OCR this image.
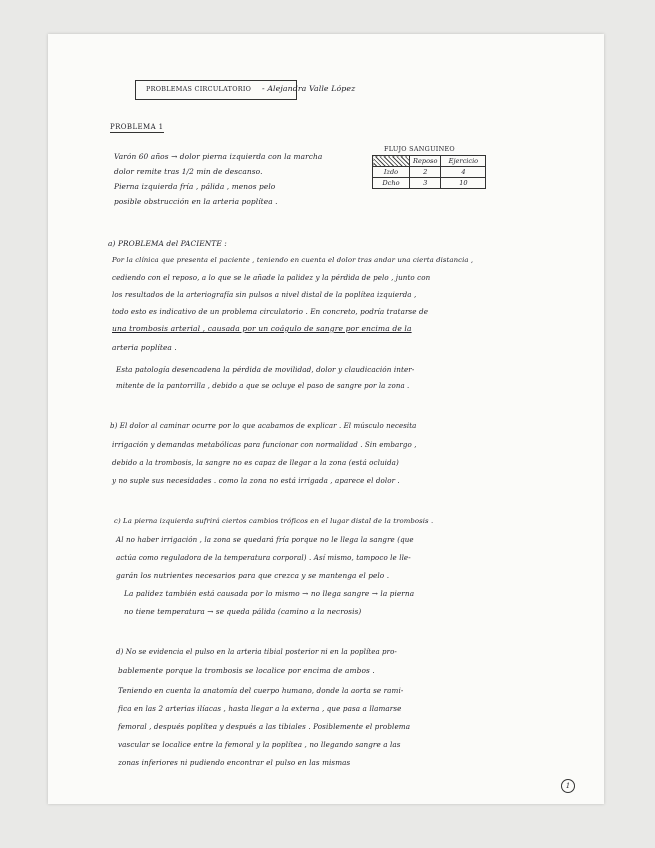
PROBLEMAS CIRCULATORIO - Alejandra Valle López
PROBLEMA 1
Varón 60 años → dolor pierna izquierda con la marcha
dolor remite tras 1/2 min de descanso.
Pierna izquierda fría , pálida , menos pelo
posible obstrucción en la arteria poplítea .
FLUJO SANGUINEO
	Reposo	Ejercicio
Izdo	2	4
Dcho	3	10
a) PROBLEMA del PACIENTE :
Por la clínica que presenta el paciente , teniendo en cuenta el dolor tras andar una cierta distancia ,
cediendo con el reposo, a lo que se le añade la palidez y la pérdida de pelo , junto con
los resultados de la arteriografía sin pulsos a nivel distal de la poplítea izquierda ,
todo esto es indicativo de un problema circulatorio . En concreto, podría tratarse de
una trombosis arterial , causada por un coágulo de sangre por encima de la
arteria poplítea .
Esta patología desencadena la pérdida de movilidad, dolor y claudicación inter-
mitente de la pantorrilla , debido a que se ocluye el paso de sangre por la zona .
b) El dolor al caminar ocurre por lo que acabamos de explicar . El músculo necesita
irrigación y demandas metabólicas para funcionar con normalidad . Sin embargo ,
debido a la trombosis, la sangre no es capaz de llegar a la zona (está ocluida)
y no suple sus necesidades . como la zona no está irrigada , aparece el dolor .
c) La pierna izquierda sufrirá ciertos cambios tróficos en el lugar distal de la trombosis .
Al no haber irrigación , la zona se quedará fría porque no le llega la sangre (que
actúa como reguladora de la temperatura corporal) . Así mismo, tampoco le lle-
garán los nutrientes necesarios para que crezca y se mantenga el pelo .
La palidez también está causada por lo mismo → no llega sangre → la pierna
no tiene temperatura → se queda pálida (camino a la necrosis)
d) No se evidencia el pulso en la arteria tibial posterior ni en la poplítea pro-
bablemente porque la trombosis se localice por encima de ambos .
Teniendo en cuenta la anatomía del cuerpo humano, donde la aorta se rami-
fica en las 2 arterias ilíacas , hasta llegar a la externa , que pasa a llamarse
femoral , después poplítea y después a las tibiales . Posiblemente el problema
vascular se localice entre la femoral y la poplítea , no llegando sangre a las
zonas inferiores ni pudiendo encontrar el pulso en las mismas
1
